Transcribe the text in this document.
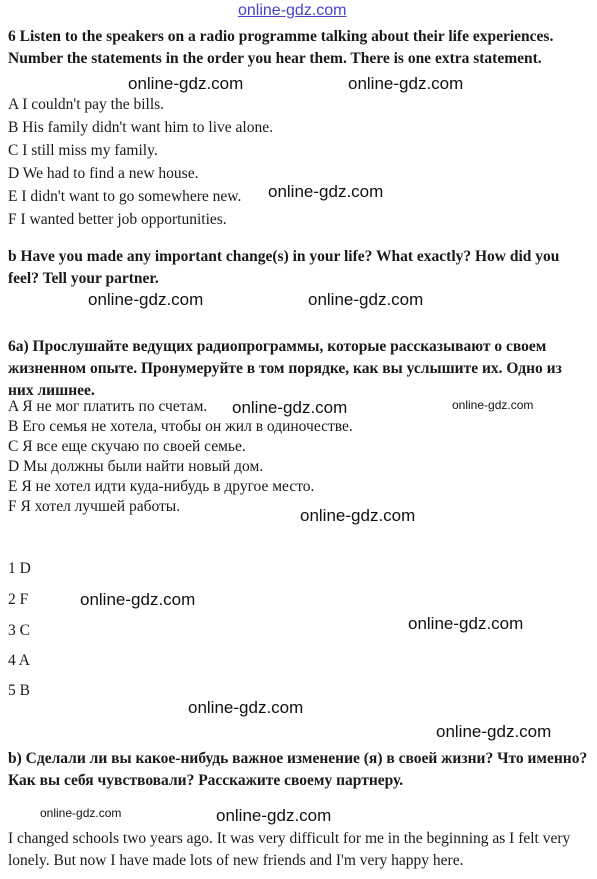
online-gdz.com
6 Listen to the speakers on a radio programme talking about their life experiences. Number the statements in the order you hear them. There is one extra statement.
A I couldn't pay the bills.
B His family didn't want him to live alone.
C I still miss my family.
D We had to find a new house.
E I didn't want to go somewhere new.
F I wanted better job opportunities.
b Have you made any important change(s) in your life? What exactly? How did you feel? Tell your partner.
6a) Прослушайте ведущих радиопрограммы, которые рассказывают о своем жизненном опыте. Пронумеруйте в том порядке, как вы услышите их. Одно из них лишнее.
A Я не мог платить по счетам.
B Его семья не хотела, чтобы он жил в одиночестве.
C Я все еще скучаю по своей семье.
D Мы должны были найти новый дом.
E Я не хотел идти куда-нибудь в другое место.
F Я хотел лучшей работы.
1 D
2 F
3 C
4 A
5 B
b) Сделали ли вы какое-нибудь важное изменение (я) в своей жизни? Что именно? Как вы себя чувствовали? Расскажите своему партнеру.
I changed schools two years ago. It was very difficult for me in the beginning as I felt very lonely. But now I have made lots of new friends and I'm very happy here.
online-gdz.com	online-gdz.com
online-gdz.com
online-gdz.com	online-gdz.com
online-gdz.com	online-gdz.com
online-gdz.com
online-gdz.com
online-gdz.com
online-gdz.com
online-gdz.com
online-gdz.com	online-gdz.com
